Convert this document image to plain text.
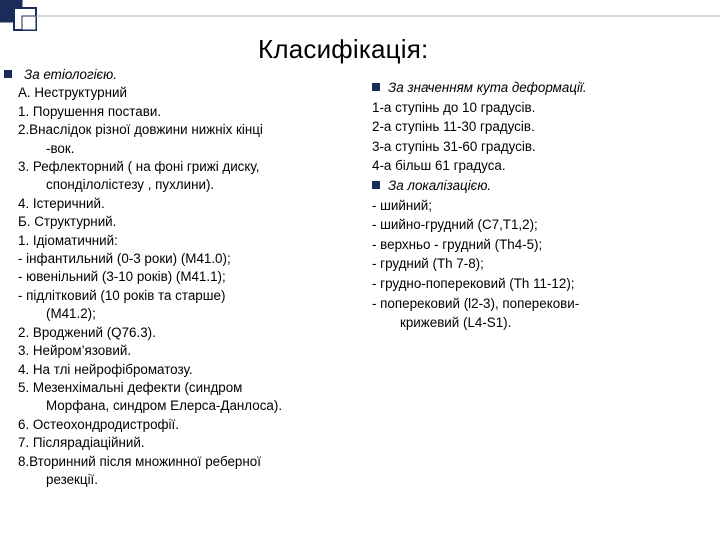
Класифікація:
За етіологією.
А. Неструктурний
1. Порушення постави.
2.Внаслідок різної довжини нижніх кінці
-вок.
3. Рефлекторний ( на фоні грижі диску,
спонділолістезу , пухлини).
4. Істеричний.
Б. Структурний.
1. Ідіоматичний:
- інфантильний (0-3 роки) (М41.0);
- ювенільний (3-10 років) (М41.1);
- підлітковий (10 років та старше)
(М41.2);
2. Вроджений (Q76.3).
3. Нейром’язовий.
4. На тлі нейрофіброматозу.
5. Мезенхімальні дефекти (синдром
Морфана, синдром Елерса-Данлоса).
6. Остеохондродистрофії.
7. Післярадіаційний.
8.Вторинний після множинної реберної
резекції.
За значенням кута деформації.
1-а ступінь до 10 градусів.
2-а ступінь 11-30 градусів.
3-а ступінь 31-60 градусів.
4-а більш 61 градуса.
За локалізацією.
- шийний;
- шийно-грудний (С7,Т1,2);
- верхньо - грудний (Th4-5);
- грудний (Th 7-8);
- грудно-поперековий (Th 11-12);
- поперековий (l2-3), поперекови-
крижевий (L4-S1).
